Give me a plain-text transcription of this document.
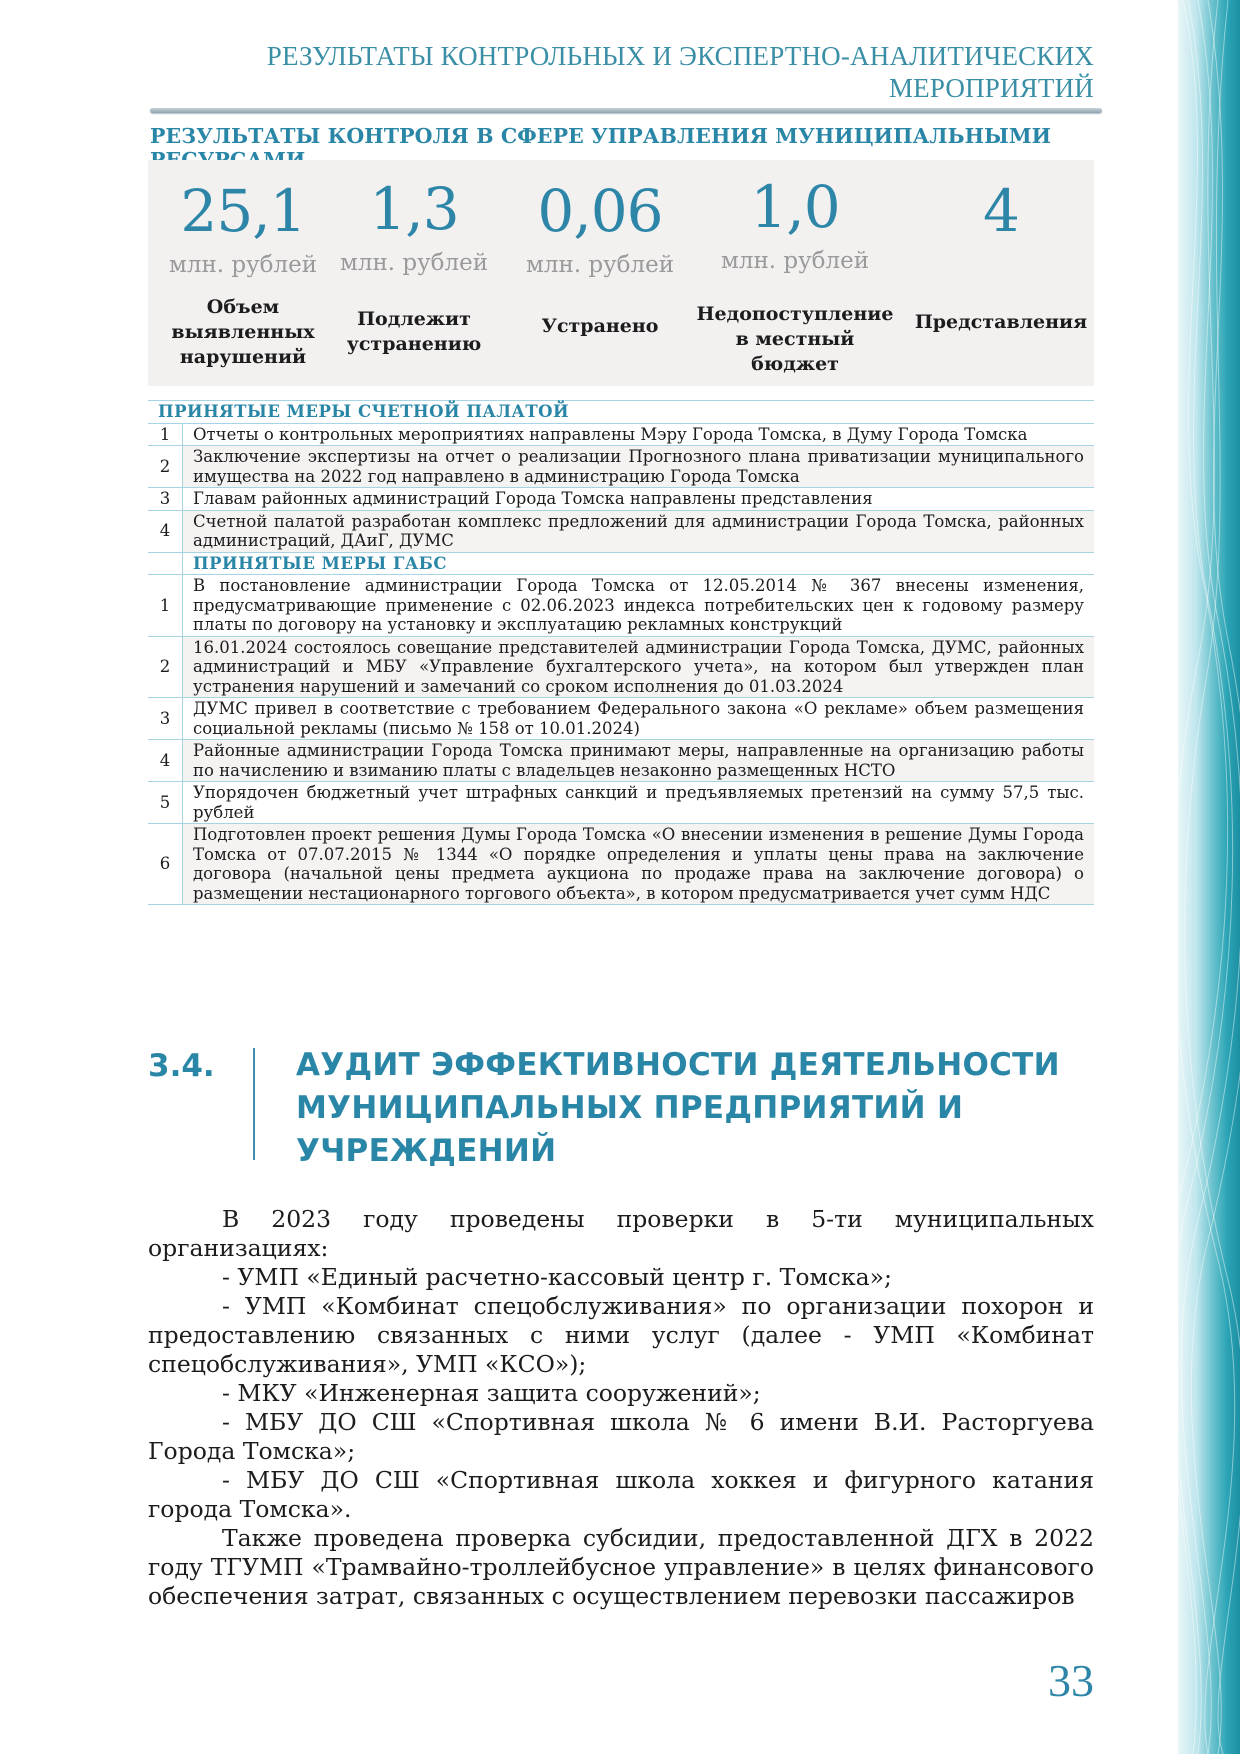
РЕЗУЛЬТАТЫ КОНТРОЛЬНЫХ И ЭКСПЕРТНО-АНАЛИТИЧЕСКИХ
МЕРОПРИЯТИЙ
РЕЗУЛЬТАТЫ КОНТРОЛЯ В СФЕРЕ УПРАВЛЕНИЯ МУНИЦИПАЛЬНЫМИ
25,1
млн. рублей
Объем выявленных нарушений
1,3
млн. рублей
Подлежит устранению
0,06
млн. рублей
Устранено
1,0
млн. рублей
Недопоступление в местный бюджет
4
Представления
ПРИНЯТЫЕ МЕРЫ СЧЕТНОЙ ПАЛАТОЙ	
1	Отчеты о контрольных мероприятиях направлены Мэру Города Томска, в Думу Города Томска
2	Заключение экспертизы на отчет о реализации Прогнозного плана приватизации муниципального имущества на 2022 год направлено в администрацию Города Томска
3	Главам районных администраций Города Томска направлены представления
4	Счетной палатой разработан комплекс предложений для администрации Города Томска, районных администраций, ДАиГ, ДУМС
	ПРИНЯТЫЕ МЕРЫ ГАБС
1	В постановление администрации Города Томска от 12.05.2014 № 367 внесены изменения, предусматривающие применение с 02.06.2023 индекса потребительских цен к годовому размеру платы по договору на установку и эксплуатацию рекламных конструкций
2	16.01.2024 состоялось совещание представителей администрации Города Томска, ДУМС, районных администраций и МБУ «Управление бухгалтерского учета», на котором был утвержден план устранения нарушений и замечаний со сроком исполнения до 01.03.2024
3	ДУМС привел в соответствие с требованием Федерального закона «О рекламе» объем размещения социальной рекламы (письмо № 158 от 10.01.2024)
4	Районные администрации Города Томска принимают меры, направленные на организацию работы по начислению и взиманию платы с владельцев незаконно размещенных НСТО
5	Упорядочен бюджетный учет штрафных санкций и предъявляемых претензий на сумму 57,5 тыс. рублей
6	Подготовлен проект решения Думы Города Томска «О внесении изменения в решение Думы Города Томска от 07.07.2015 № 1344 «О порядке определения и уплаты цены права на заключение договора (начальной цены предмета аукциона по продаже права на заключение договора) о размещении нестационарного торгового объекта», в котором предусматривается учет сумм НДС
3.4.	АУДИТ ЭФФЕКТИВНОСТИ ДЕЯТЕЛЬНОСТИ
МУНИЦИПАЛЬНЫХ ПРЕДПРИЯТИЙ И
УЧРЕЖДЕНИЙ

В 2023 году проведены проверки в 5-ти муниципальных организациях:

- УМП «Единый расчетно-кассовый центр г. Томска»;

- УМП «Комбинат спецобслуживания» по организации похорон и предоставлению связанных с ними услуг (далее - УМП «Комбинат спецобслуживания», УМП «КСО»);

- МКУ «Инженерная защита сооружений»;

- МБУ ДО СШ «Спортивная школа № 6 имени В.И. Расторгуева Города Томска»;

- МБУ ДО СШ «Спортивная школа хоккея и фигурного катания города Томска».

Также проведена проверка субсидии, предоставленной ДГХ в 2022 году ТГУМП «Трамвайно-троллейбусное управление» в целях финансового обеспечения затрат, связанных с осуществлением перевозки пассажиров

33
